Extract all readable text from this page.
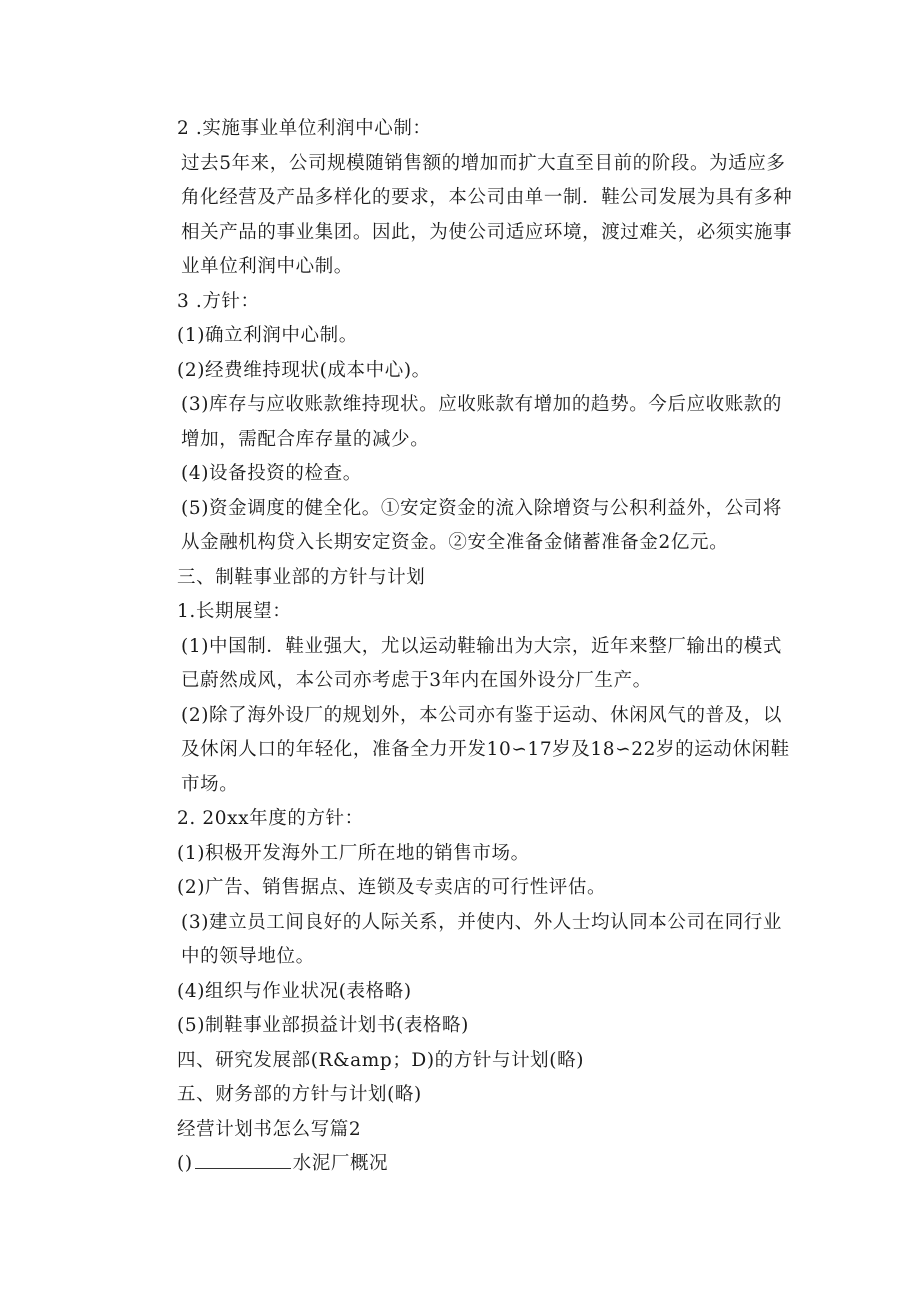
2 .实施事业单位利润中心制：

过去5年来，公司规模随销售额的增加而扩大直至目前的阶段。为适应多角化经营及产品多样化的要求，本公司由单一制．鞋公司发展为具有多种相关产品的事业集团。因此，为使公司适应环境，渡过难关，必须实施事业单位利润中心制。

3 .方针：

(1)确立利润中心制。

(2)经费维持现状(成本中心)。

(3)库存与应收账款维持现状。应收账款有增加的趋势。今后应收账款的增加，需配合库存量的减少。

(4)设备投资的检查。

(5)资金调度的健全化。①安定资金的流入除增资与公积利益外，公司将从金融机构贷入长期安定资金。②安全准备金储蓄准备金2亿元。

三、制鞋事业部的方针与计划

1.长期展望：

(1)中国制．鞋业强大，尤以运动鞋输出为大宗，近年来整厂输出的模式已蔚然成风，本公司亦考虑于3年内在国外设分厂生产。

(2)除了海外设厂的规划外，本公司亦有鉴于运动、休闲风气的普及，以及休闲人口的年轻化，准备全力开发10∽17岁及18∽22岁的运动休闲鞋市场。

2. 20xx年度的方针：

(1)积极开发海外工厂所在地的销售市场。

(2)广告、销售据点、连锁及专卖店的可行性评估。

(3)建立员工间良好的人际关系，并使内、外人士均认同本公司在同行业中的领导地位。

(4)组织与作业状况(表格略)

(5)制鞋事业部损益计划书(表格略)

四、研究发展部(R&amp；D)的方针与计划(略)

五、财务部的方针与计划(略)

经营计划书怎么写篇2

()	水泥厂概况
